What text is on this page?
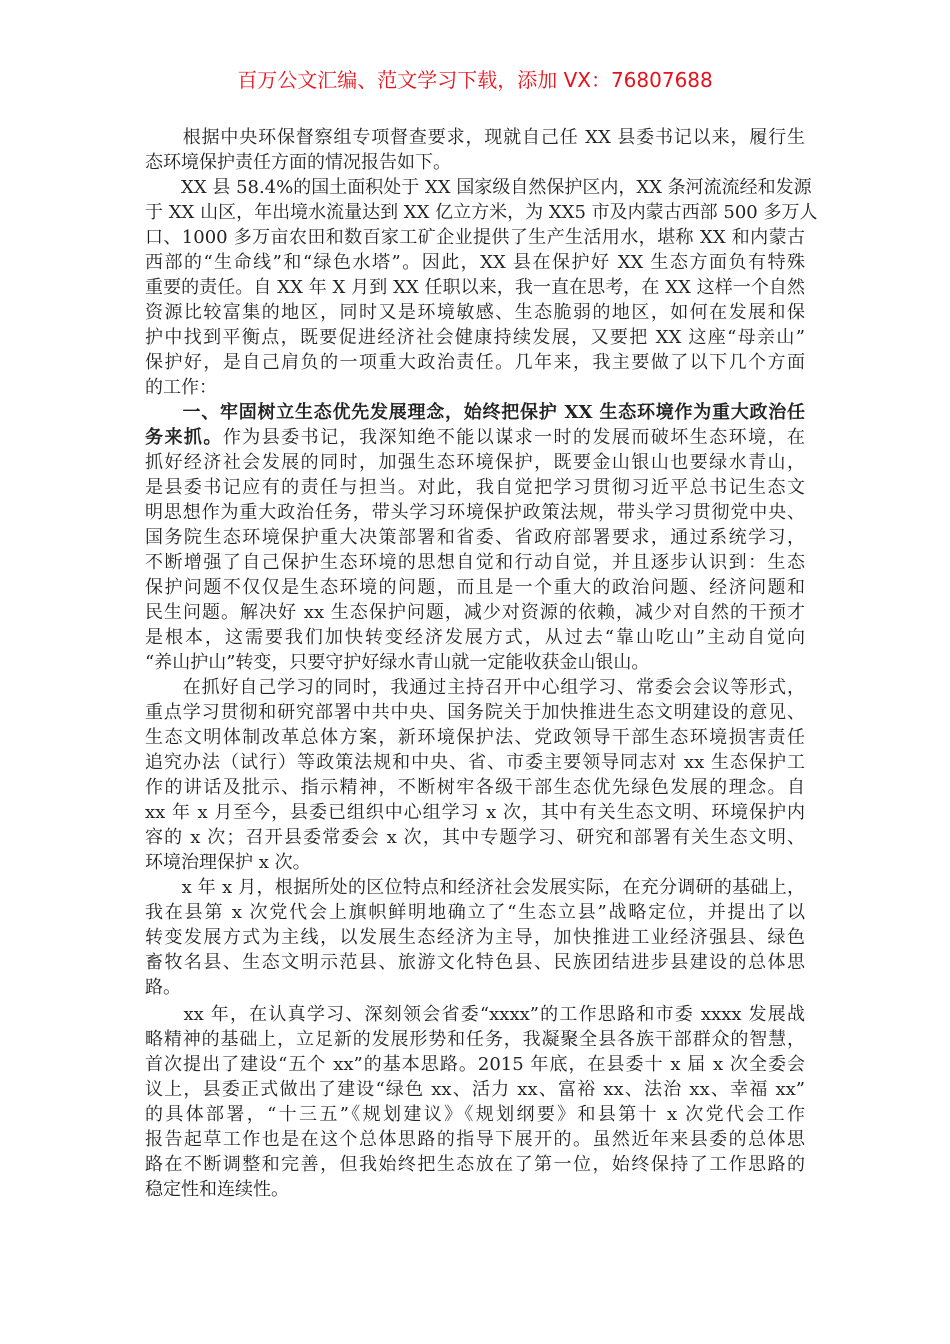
百万公文汇编、范文学习下载，添加 VX：76807688
　　根据中央环保督察组专项督查要求，现就自己任 XX 县委书记以来，履行生
态环境保护责任方面的情况报告如下。
　　XX 县 58.4%的国土面积处于 XX 国家级自然保护区内，XX 条河流流经和发源
于 XX 山区，年出境水流量达到 XX 亿立方米，为 XX5 市及内蒙古西部 500 多万人
口、1000 多万亩农田和数百家工矿企业提供了生产生活用水，堪称 XX 和内蒙古
西部的“生命线”和“绿色水塔”。因此，XX 县在保护好 XX 生态方面负有特殊
重要的责任。自 XX 年 X 月到 XX 任职以来，我一直在思考，在 XX 这样一个自然
资源比较富集的地区，同时又是环境敏感、生态脆弱的地区，如何在发展和保
护中找到平衡点，既要促进经济社会健康持续发展，又要把 XX 这座“母亲山”
保护好，是自己肩负的一项重大政治责任。几年来，我主要做了以下几个方面
的工作：
　　一、牢固树立生态优先发展理念，始终把保护 XX 生态环境作为重大政治任
务来抓。作为县委书记，我深知绝不能以谋求一时的发展而破坏生态环境，在
抓好经济社会发展的同时，加强生态环境保护，既要金山银山也要绿水青山，
是县委书记应有的责任与担当。对此，我自觉把学习贯彻习近平总书记生态文
明思想作为重大政治任务，带头学习环境保护政策法规，带头学习贯彻党中央、
国务院生态环境保护重大决策部署和省委、省政府部署要求，通过系统学习，
不断增强了自己保护生态环境的思想自觉和行动自觉，并且逐步认识到：生态
保护问题不仅仅是生态环境的问题，而且是一个重大的政治问题、经济问题和
民生问题。解决好 xx 生态保护问题，减少对资源的依赖，减少对自然的干预才
是根本，这需要我们加快转变经济发展方式，从过去“靠山吃山”主动自觉向
“养山护山”转变，只要守护好绿水青山就一定能收获金山银山。
　　在抓好自己学习的同时，我通过主持召开中心组学习、常委会会议等形式，
重点学习贯彻和研究部署中共中央、国务院关于加快推进生态文明建设的意见、
生态文明体制改革总体方案，新环境保护法、党政领导干部生态环境损害责任
追究办法（试行）等政策法规和中央、省、市委主要领导同志对 xx 生态保护工
作的讲话及批示、指示精神，不断树牢各级干部生态优先绿色发展的理念。自
xx 年 x 月至今，县委已组织中心组学习 x 次，其中有关生态文明、环境保护内
容的 x 次；召开县委常委会 x 次，其中专题学习、研究和部署有关生态文明、
环境治理保护 x 次。
　　x 年 x 月，根据所处的区位特点和经济社会发展实际，在充分调研的基础上，
我在县第 x 次党代会上旗帜鲜明地确立了“生态立县”战略定位，并提出了以
转变发展方式为主线，以发展生态经济为主导，加快推进工业经济强县、绿色
畜牧名县、生态文明示范县、旅游文化特色县、民族团结进步县建设的总体思
路。
　　xx 年，在认真学习、深刻领会省委“xxxx”的工作思路和市委 xxxx 发展战
略精神的基础上，立足新的发展形势和任务，我凝聚全县各族干部群众的智慧，
首次提出了建设“五个 xx”的基本思路。2015 年底，在县委十 x 届 x 次全委会
议上，县委正式做出了建设“绿色 xx、活力 xx、富裕 xx、法治 xx、幸福 xx”
的具体部署，“十三五”《规划建议》《规划纲要》和县第十 x 次党代会工作
报告起草工作也是在这个总体思路的指导下展开的。虽然近年来县委的总体思
路在不断调整和完善，但我始终把生态放在了第一位，始终保持了工作思路的
稳定性和连续性。
